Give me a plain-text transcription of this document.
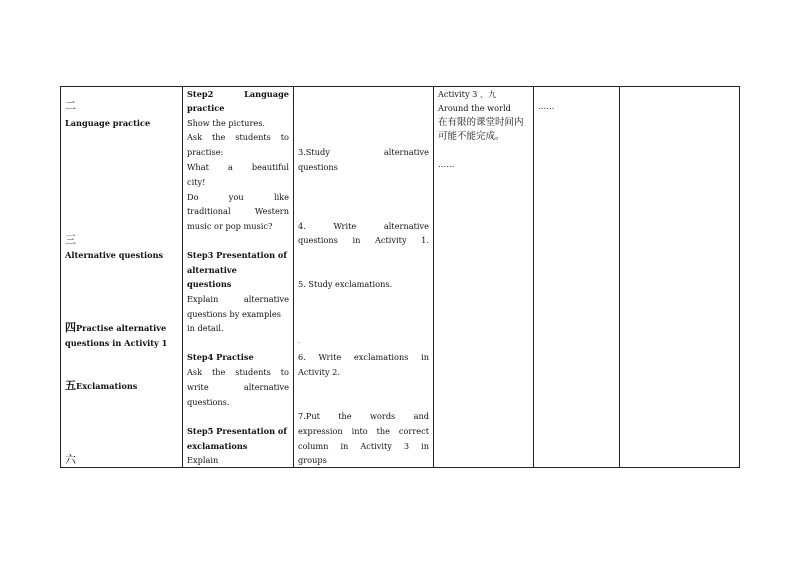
二
Language practice
三
Alternative questions
四Practise alternative
questions in Activity 1
五Exclamations
六

Step2 Language
practice
Show the pictures.
Ask the students to
practise:
What a beautiful
city!
Do you like
traditional Western
music or pop music?
Step3 Presentation of
alternative
questions
Explain alternative
questions by examples
in detail.
Step4 Practise
Ask the students to
write alternative
questions.
Step5 Presentation of
exclamations
Explain

3.Study alternative
questions
4. Write alternative
questions in Activity 1.
5. Study exclamations.
.
6. Write exclamations in
Activity 2.
7.Put the words and
expression into the correct
column in Activity 3 in
groups

Activity 3 、九
Around the world
在有限的课堂时间内
可能不能完成。
……

……
